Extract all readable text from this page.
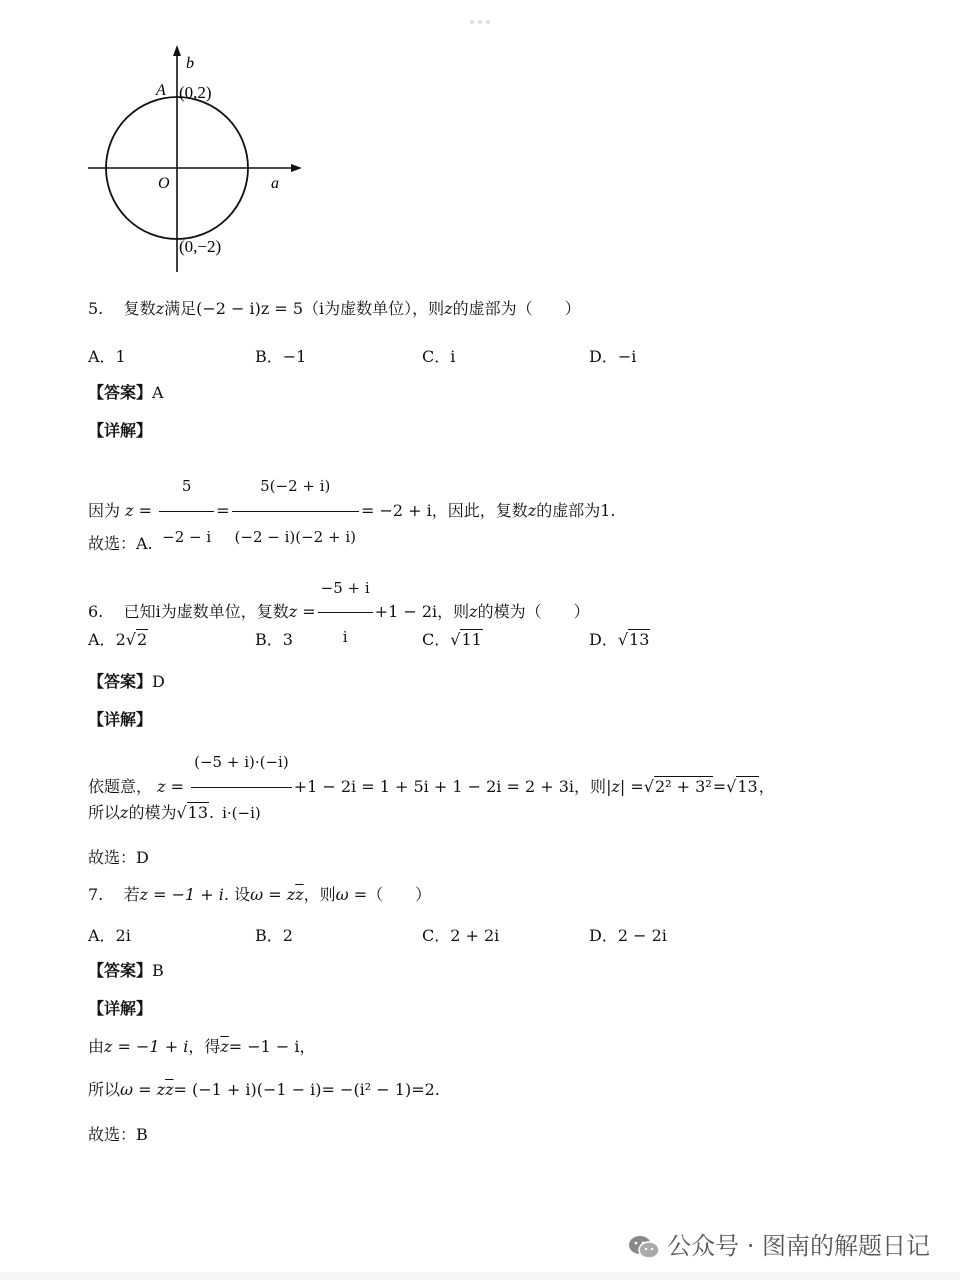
b
A (0,2)
O	a
(0,−2)
5. 复数z满足(−2 − i)z = 5（i为虚数单位），则z的虚部为（　　）
A．1	B．−1	C．i	D．−i
【答案】A
【详解】
因为 $z = \frac{5}{-2 - i} = \frac{5(-2 + i)}{(-2 - i)(-2 + i)} = -2 + i$，因此，复数z的虚部为1.
故选：A.
6. 已知i为虚数单位，复数$z = \frac{-5 + i}{i} +1 - 2i$，则z的模为（　　）
A．2√2	B．3	C．√11	D．√13
【答案】D
【详解】
依题意， $z = \frac{(-5 + i)\cdot(-i)}{i\cdot(-i)} +1 - 2i = 1 + 5i + 1 - 2i = 2 + 3i$，则|z| =√2² + 3²=√13，
所以z的模为√13.
故选：D
7. 若z = −1 + i. 设$\omega = z\overline{z}$，则ω =（　　）
A．2i	B．2	C．2 + 2i	D．2 − 2i
【答案】B
【详解】
由z = −1 + i，得$\overline{z}= -1 - i$，
所以$\omega = z\overline{z}= (-1 + i)(-1 - i)= -(i^2 - 1)=2$.
故选：B
公众号 · 图南的解题日记
